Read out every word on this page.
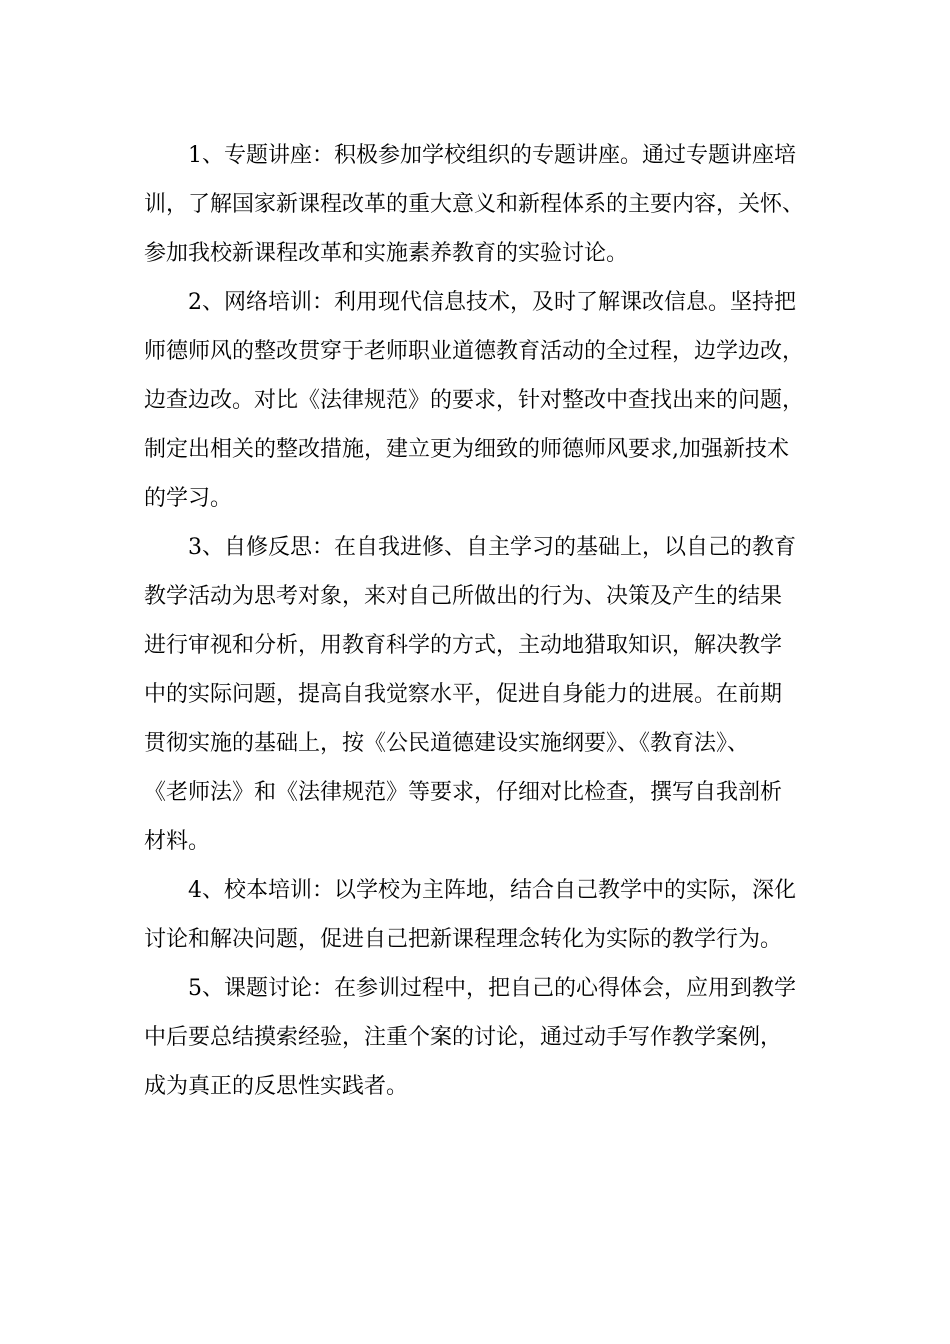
1、专题讲座：积极参加学校组织的专题讲座。通过专题讲座培
训，了解国家新课程改革的重大意义和新程体系的主要内容，关怀、
参加我校新课程改革和实施素养教育的实验讨论。

2、网络培训：利用现代信息技术，及时了解课改信息。坚持把
师德师风的整改贯穿于老师职业道德教育活动的全过程，边学边改，
边查边改。对比《法律规范》的要求，针对整改中查找出来的问题，
制定出相关的整改措施，建立更为细致的师德师风要求,加强新技术
的学习。

3、自修反思：在自我进修、自主学习的基础上，以自己的教育
教学活动为思考对象，来对自己所做出的行为、决策及产生的结果
进行审视和分析，用教育科学的方式，主动地猎取知识，解决教学
中的实际问题，提高自我觉察水平，促进自身能力的进展。在前期
贯彻实施的基础上，按《公民道德建设实施纲要》、《教育法》、
《老师法》和《法律规范》等要求，仔细对比检查，撰写自我剖析
材料。

4、校本培训：以学校为主阵地，结合自己教学中的实际，深化
讨论和解决问题，促进自己把新课程理念转化为实际的教学行为。

5、课题讨论：在参训过程中，把自己的心得体会，应用到教学
中后要总结摸索经验，注重个案的讨论，通过动手写作教学案例，
成为真正的反思性实践者。
